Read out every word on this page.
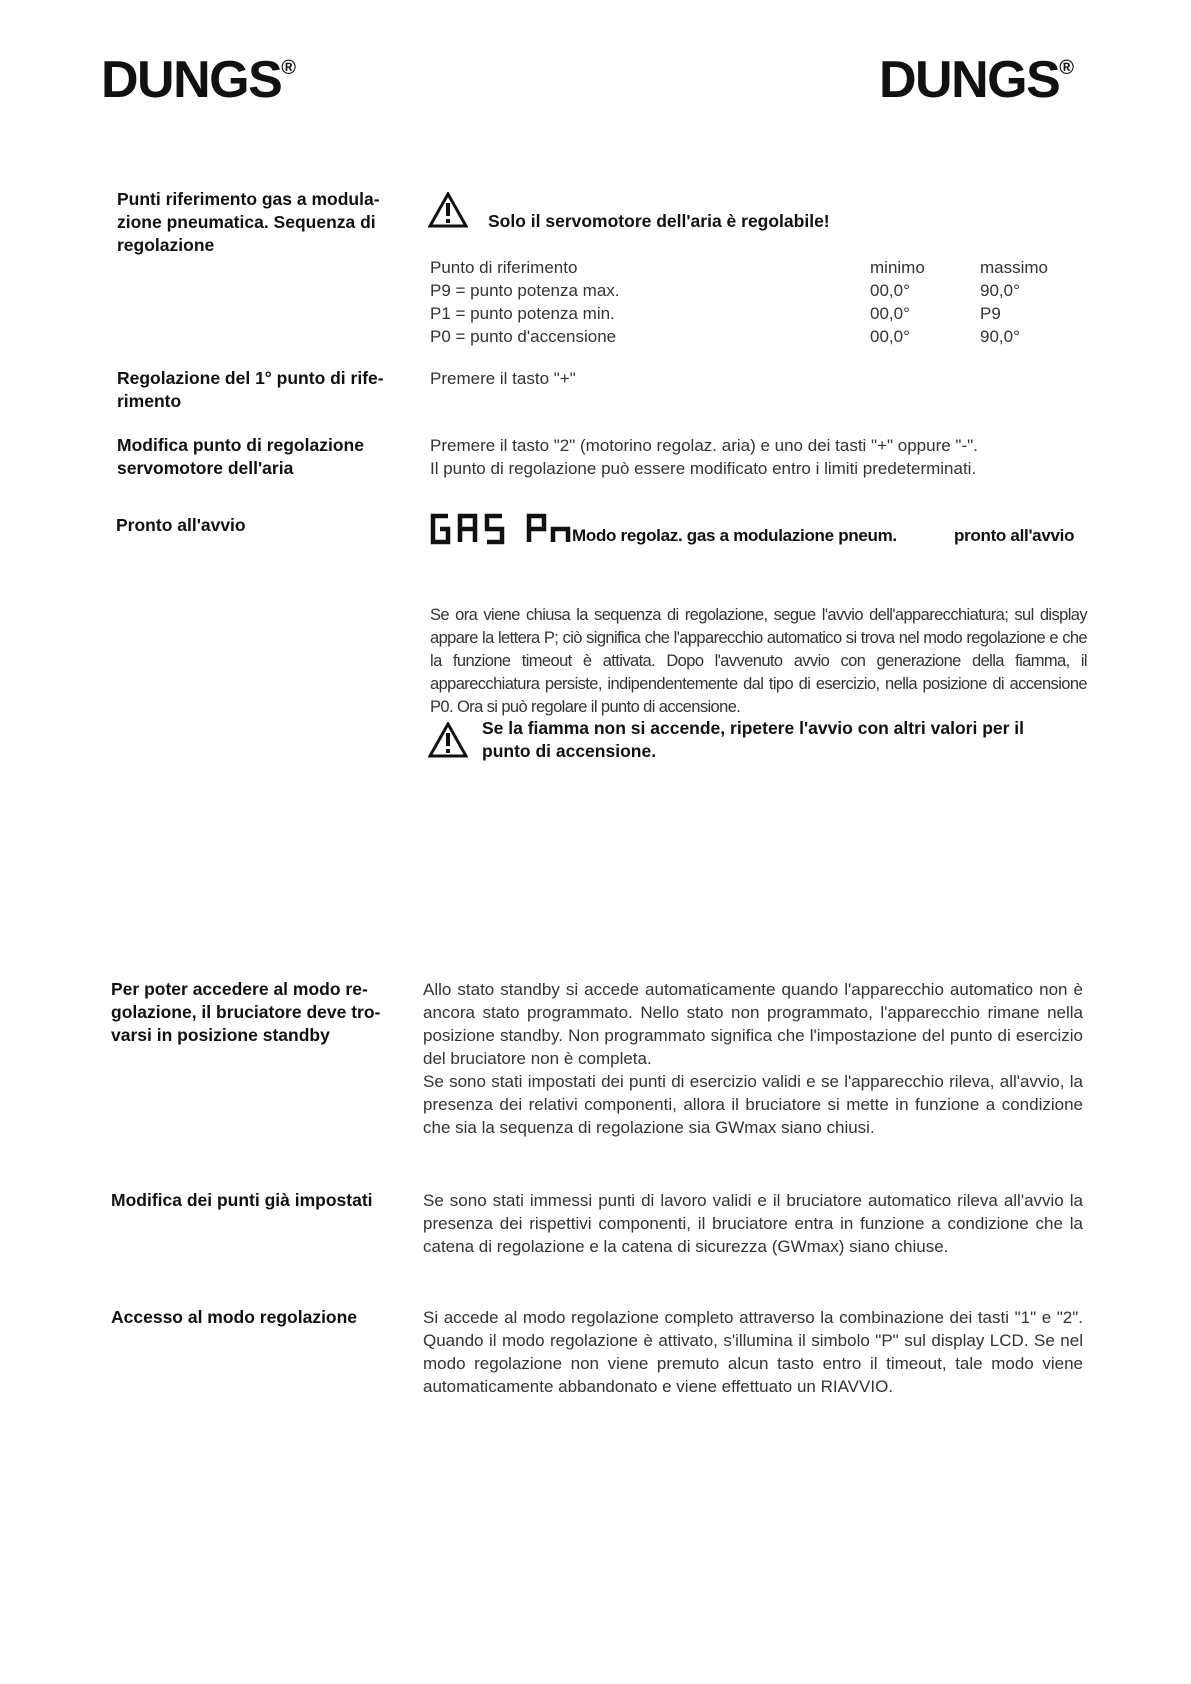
DUNGS®	DUNGS®
Punti riferimento gas a modula-
zione pneumatica. Sequenza di
regolazione
Solo il servomotore dell'aria è regolabile!
Punto di riferimento	minimo	massimo
P9 = punto potenza max.	00,0°	90,0°
P1 = punto potenza min.	00,0°	P9
P0 = punto d'accensione	00,0°	90,0°
Regolazione del 1° punto di rife-
rimento
Premere il tasto "+"
Modifica punto di regolazione
servomotore dell'aria
Premere il tasto "2" (motorino regolaz. aria) e uno dei tasti "+" oppure "-".
Il punto di regolazione può essere modificato entro i limiti predeterminati.
Pronto all'avvio
Modo regolaz. gas a modulazione pneum.	pronto all'avvio
Se ora viene chiusa la sequenza di regolazione, segue l'avvio dell'apparecchiatura; sul display appare la lettera P; ciò significa che l'apparecchio automatico si trova nel modo regolazione e che la funzione timeout è attivata. Dopo l'avvenuto avvio con generazione della fiamma, il apparecchiatura persiste, indipendentemente dal tipo di esercizio, nella posizione di accensione P0. Ora si può regolare il punto di accensione.
Se la fiamma non si accende, ripetere l'avvio con altri valori per il
punto di accensione.
Per poter accedere al modo re-
golazione, il bruciatore deve tro-
varsi in posizione standby
Allo stato standby si accede automaticamente quando l'apparecchio automatico non è ancora stato programmato. Nello stato non programmato, l'apparecchio rimane nella posizione standby. Non programmato significa che l'impostazione del punto di esercizio del bruciatore non è completa.
Se sono stati impostati dei punti di esercizio validi e se l'apparecchio rileva, all'avvio, la presenza dei relativi componenti, allora il bruciatore si mette in funzione a condizione che sia la sequenza di regolazione sia GWmax siano chiusi.
Modifica dei punti già impostati	Se sono stati immessi punti di lavoro validi e il bruciatore automatico rileva all'avvio la presenza dei rispettivi componenti, il bruciatore entra in funzione a condizione che la catena di regolazione e la catena di sicurezza (GWmax) siano chiuse.
Accesso al modo regolazione	Si accede al modo regolazione completo attraverso la combinazione dei tasti "1" e "2". Quando il modo regolazione è attivato, s'illumina il simbolo "P" sul display LCD. Se nel modo regolazione non viene premuto alcun tasto entro il timeout, tale modo viene automaticamente abbandonato e viene effettuato un RIAVVIO.
